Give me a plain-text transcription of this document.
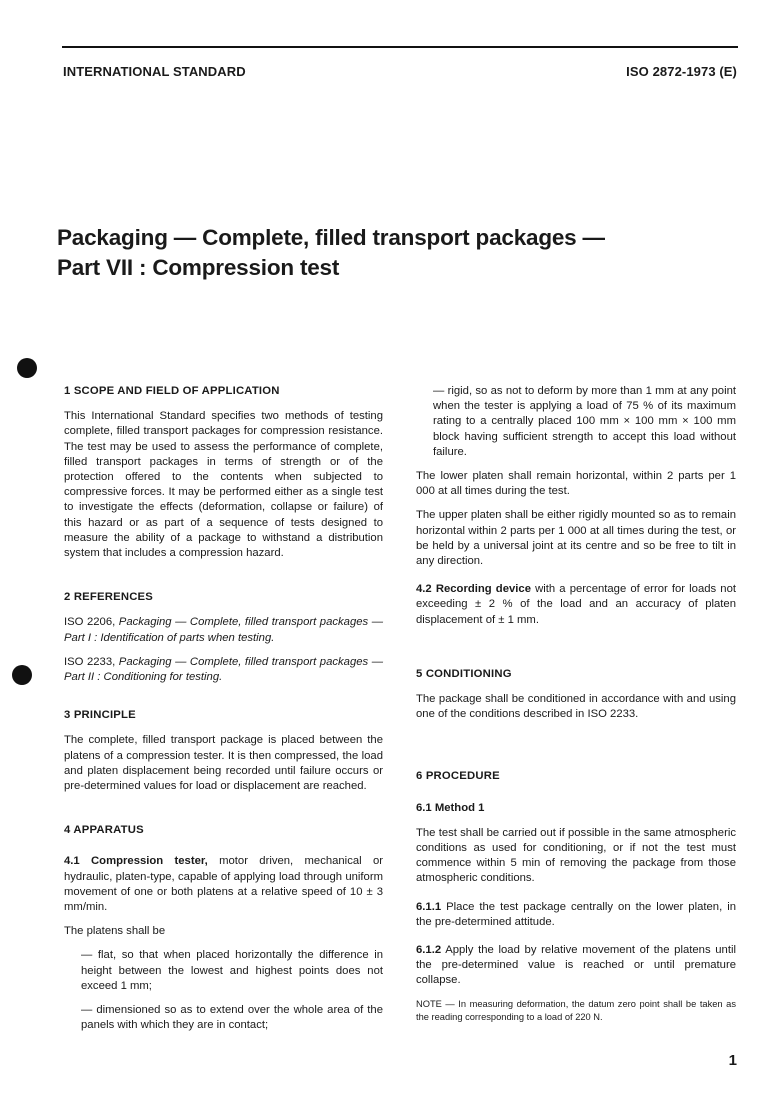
INTERNATIONAL STANDARD	ISO 2872-1973 (E)
Packaging — Complete, filled transport packages —
Part VII : Compression test
1 SCOPE AND FIELD OF APPLICATION

This International Standard specifies two methods of testing complete, filled transport packages for compression resistance. The test may be used to assess the performance of complete, filled transport packages in terms of strength or of the protection offered to the contents when subjected to compressive forces. It may be performed either as a single test to investigate the effects (deformation, collapse or failure) of this hazard or as part of a sequence of tests designed to measure the ability of a package to withstand a distribution system that includes a compression hazard.

2 REFERENCES

ISO 2206, Packaging — Complete, filled transport packages — Part I : Identification of parts when testing.

ISO 2233, Packaging — Complete, filled transport packages — Part II : Conditioning for testing.

3 PRINCIPLE

The complete, filled transport package is placed between the platens of a compression tester. It is then compressed, the load and platen displacement being recorded until failure occurs or pre-determined values for load or displacement are reached.

4 APPARATUS

4.1 Compression tester, motor driven, mechanical or hydraulic, platen-type, capable of applying load through uniform movement of one or both platens at a relative speed of 10 ± 3 mm/min.

The platens shall be

— flat, so that when placed horizontally the difference in height between the lowest and highest points does not exceed 1 mm;

— dimensioned so as to extend over the whole area of the panels with which they are in contact;

— rigid, so as not to deform by more than 1 mm at any point when the tester is applying a load of 75 % of its maximum rating to a centrally placed 100 mm × 100 mm × 100 mm block having sufficient strength to accept this load without failure.

The lower platen shall remain horizontal, within 2 parts per 1 000 at all times during the test.

The upper platen shall be either rigidly mounted so as to remain horizontal within 2 parts per 1 000 at all times during the test, or be held by a universal joint at its centre and so be free to tilt in any direction.

4.2 Recording device with a percentage of error for loads not exceeding ± 2 % of the load and an accuracy of platen displacement of ± 1 mm.

5 CONDITIONING

The package shall be conditioned in accordance with and using one of the conditions described in ISO 2233.

6 PROCEDURE
6.1 Method 1

The test shall be carried out if possible in the same atmospheric conditions as used for conditioning, or if not the test must commence within 5 min of removing the package from those atmospheric conditions.

6.1.1 Place the test package centrally on the lower platen, in the pre-determined attitude.

6.1.2 Apply the load by relative movement of the platens until the pre-determined value is reached or until premature collapse.

NOTE — In measuring deformation, the datum zero point shall be taken as the reading corresponding to a load of 220 N.

1
